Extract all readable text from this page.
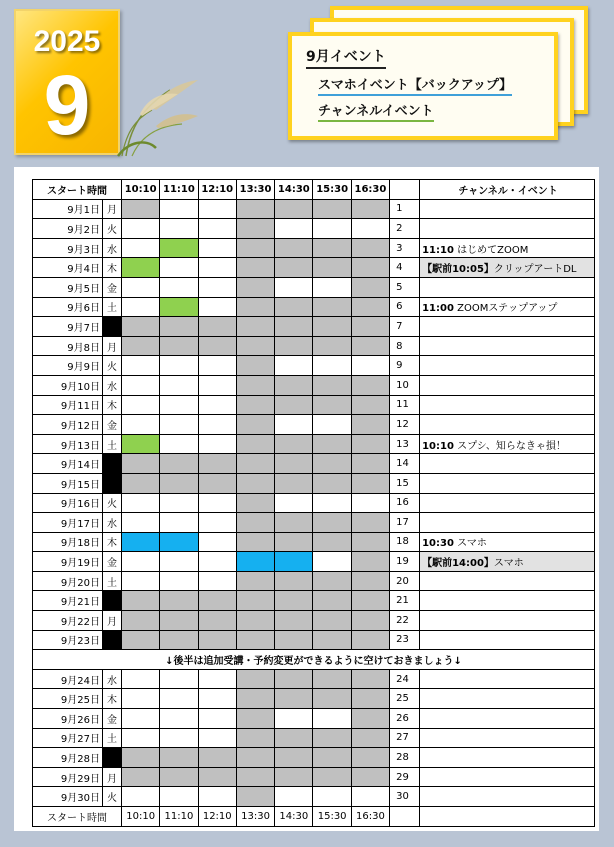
2025
9
9月イベント
スマホイベント【バックアップ】
チャンネルイベント
スタート時間		10:10	11:10	12:10	13:30	14:30	15:30	16:30		チャンネル・イベント
9月1日	月								1	
9月2日	火								2	
9月3日	水								3	11:10 はじめてZOOM
9月4日	木								4	【駅前10:05】クリップアートDL
9月5日	金								5	
9月6日	土								6	11:00 ZOOMステップアップ
9月7日	日								7	
9月8日	月								8	
9月9日	火								9	
9月10日	水								10	
9月11日	木								11	
9月12日	金								12	
9月13日	土								13	10:10 スプシ、知らなきゃ損！
9月14日	日								14	
9月15日	月								15	
9月16日	火								16	
9月17日	水								17	
9月18日	木								18	10:30 スマホ
9月19日	金								19	【駅前14:00】スマホ
9月20日	土								20	
9月21日	日								21	
9月22日	月								22	
9月23日	火								23	
↓後半は追加受講・予約変更ができるように空けておきましょう↓										
9月24日	水								24	
9月25日	木								25	
9月26日	金								26	
9月27日	土								27	
9月28日	日								28	
9月29日	月								29	
9月30日	火								30	
スタート時間		10:10	11:10	12:10	13:30	14:30	15:30	16:30		
